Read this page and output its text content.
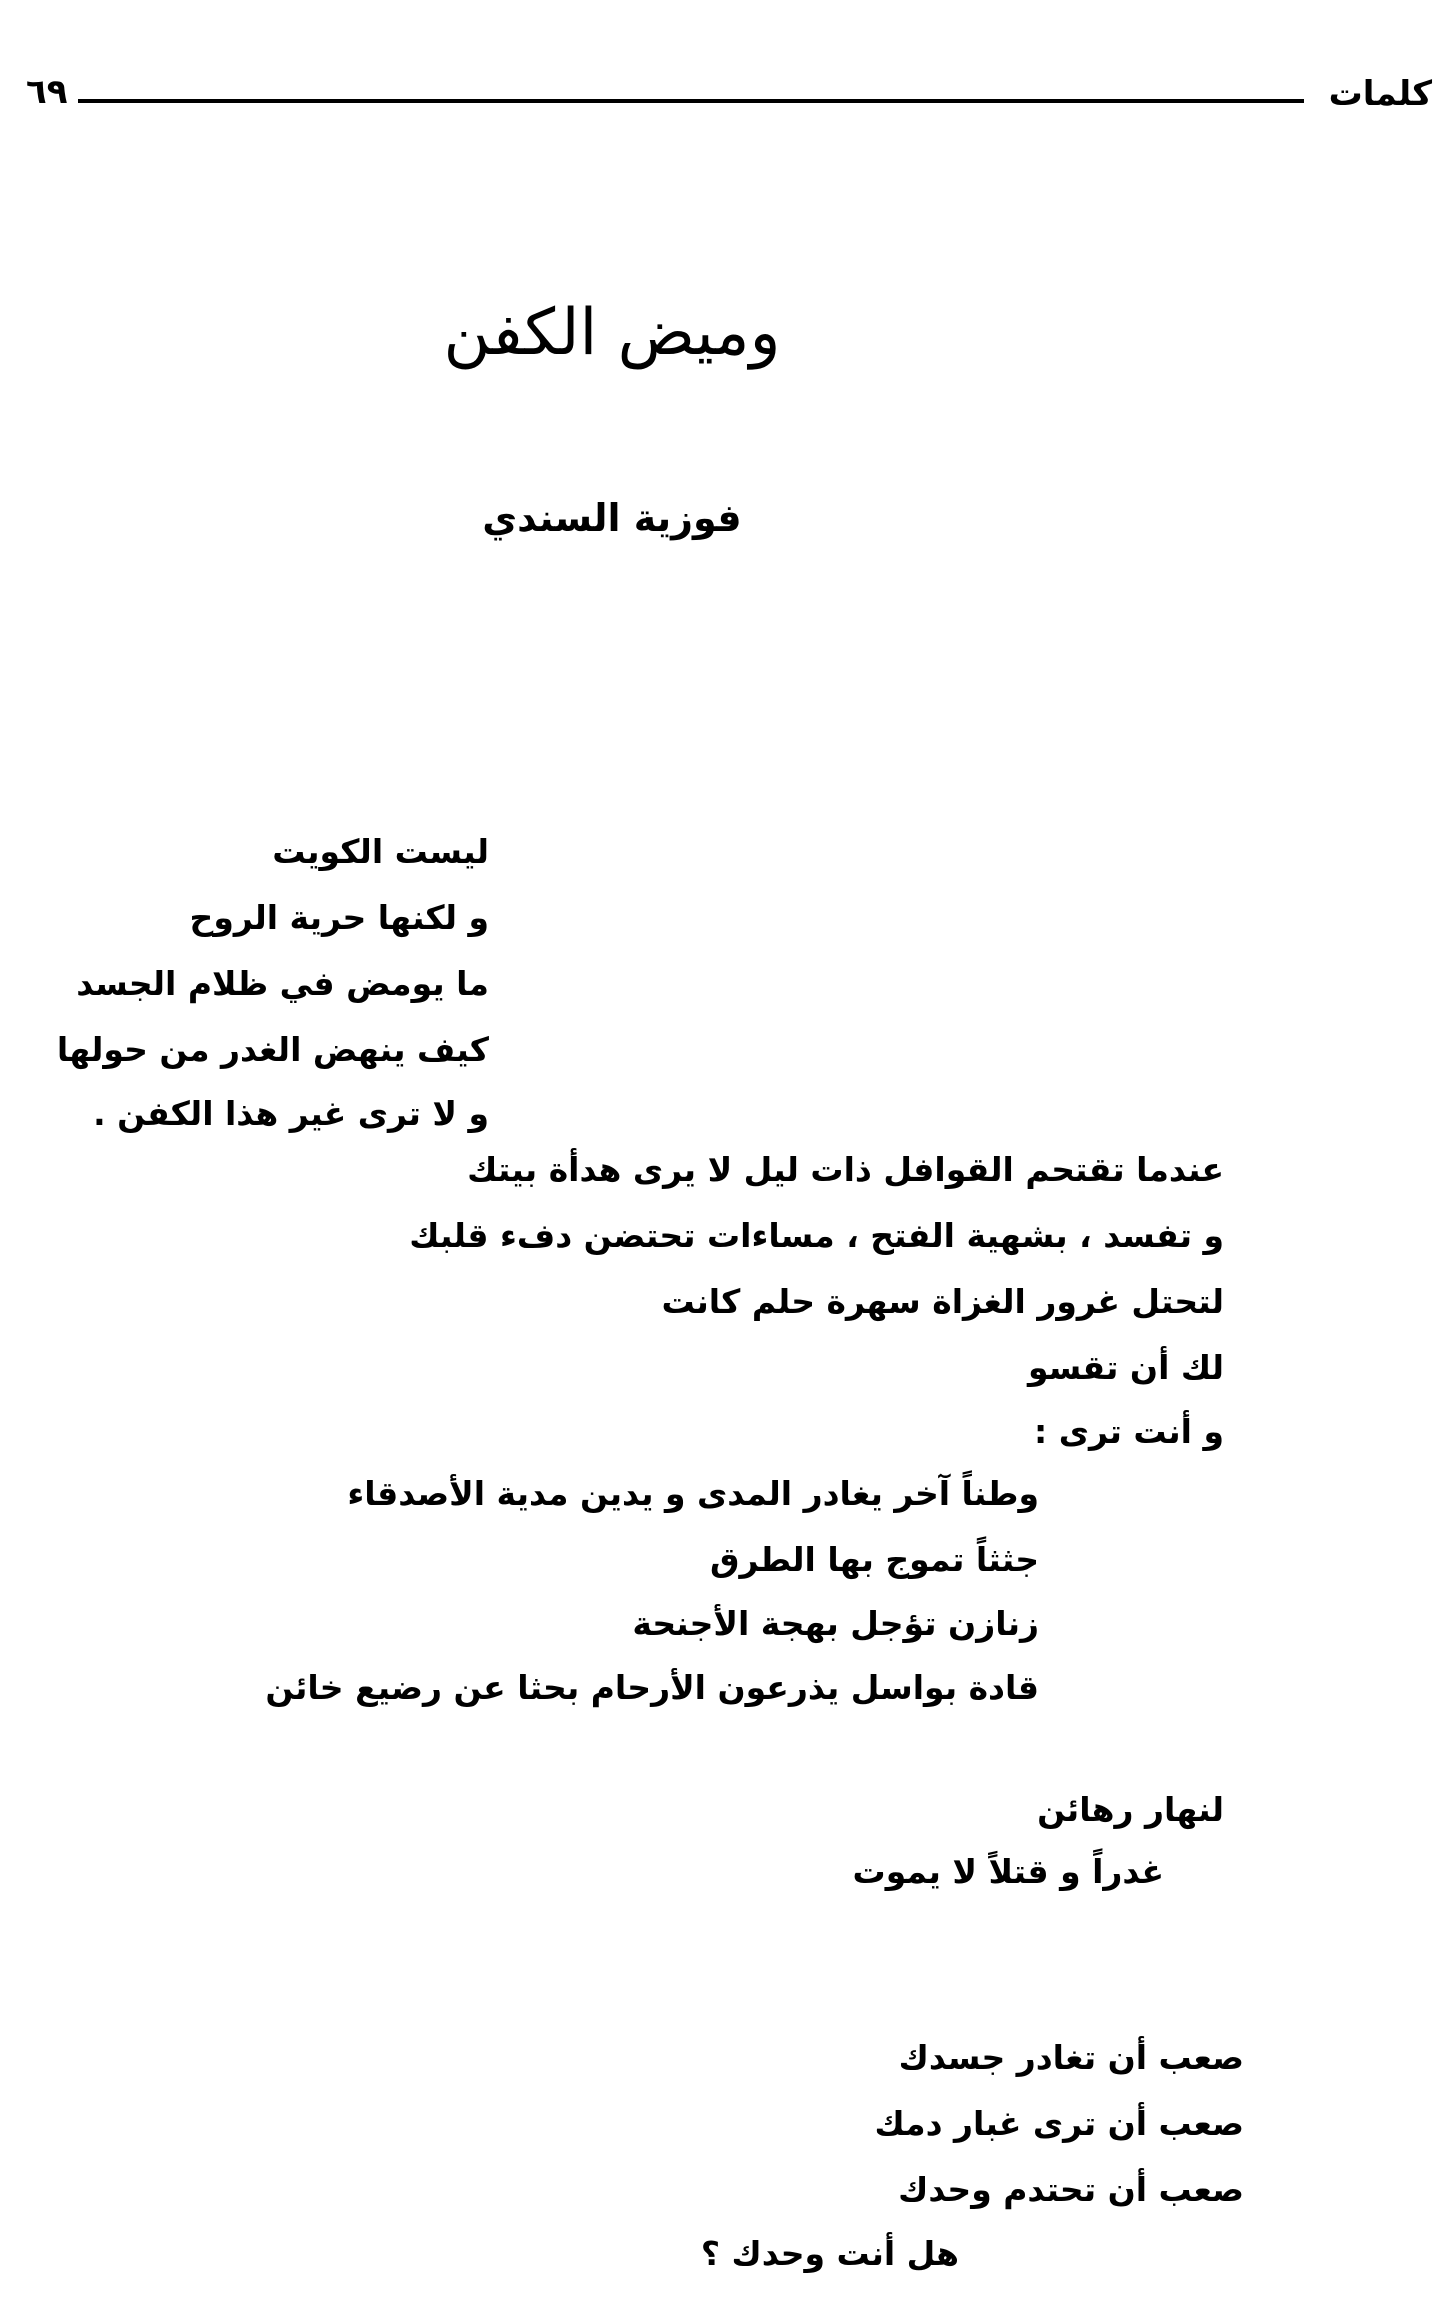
كلمات
٦٩
وميض الكفن
فوزية السندي
ليست الكويت
و لكنها حرية الروح
ما يومض في ظلام الجسد
كيف ينهض الغدر من حولها
و لا ترى غير هذا الكفن .
عندما تقتحم القوافل ذات ليل لا يرى هدأة بيتك
و تفسد ، بشهية الفتح ، مساءات تحتضن دفء قلبك
لتحتل غرور الغزاة سهرة حلم كانت
لك أن تقسو
و أنت ترى :
وطناً آخر يغادر المدى و يدين مدية الأصدقاء
جثثاً تموج بها الطرق
زنازن تؤجل بهجة الأجنحة
قادة بواسل يذرعون الأرحام بحثا عن رضيع خائن
لنهار رهائن
غدراً و قتلاً لا يموت
صعب أن تغادر جسدك
صعب أن ترى غبار دمك
صعب أن تحتدم وحدك
هل أنت وحدك ؟
